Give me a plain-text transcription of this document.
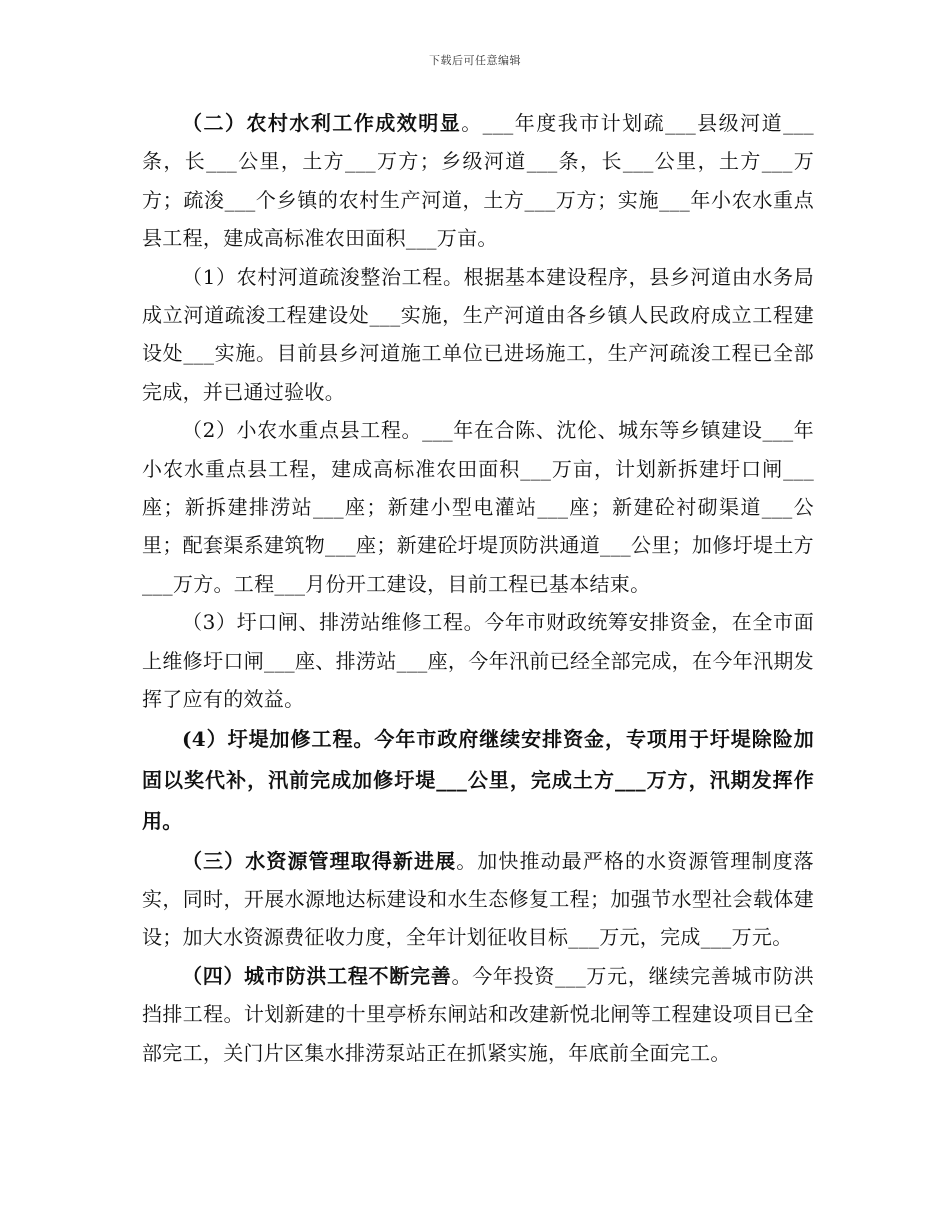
下载后可任意编辑

（二）农村水利工作成效明显。___年度我市计划疏___县级河道___条，长___公里，土方___万方；乡级河道___条，长___公里，土方___万方；疏浚___个乡镇的农村生产河道，土方___万方；实施___年小农水重点县工程，建成高标准农田面积___万亩。

（1）农村河道疏浚整治工程。根据基本建设程序，县乡河道由水务局成立河道疏浚工程建设处___实施，生产河道由各乡镇人民政府成立工程建设处___实施。目前县乡河道施工单位已进场施工，生产河疏浚工程已全部完成，并已通过验收。

（2）小农水重点县工程。___年在合陈、沈伦、城东等乡镇建设___年小农水重点县工程，建成高标准农田面积___万亩，计划新拆建圩口闸___座；新拆建排涝站___座；新建小型电灌站___座；新建砼衬砌渠道___公里；配套渠系建筑物___座；新建砼圩堤顶防洪通道___公里；加修圩堤土方___万方。工程___月份开工建设，目前工程已基本结束。

（3）圩口闸、排涝站维修工程。今年市财政统筹安排资金，在全市面上维修圩口闸___座、排涝站___座，今年汛前已经全部完成，在今年汛期发挥了应有的效益。

(4）圩堤加修工程。今年市政府继续安排资金，专项用于圩堤除险加固以奖代补，汛前完成加修圩堤___公里，完成土方___万方，汛期发挥作用。

（三）水资源管理取得新进展。加快推动最严格的水资源管理制度落实，同时，开展水源地达标建设和水生态修复工程；加强节水型社会载体建设；加大水资源费征收力度，全年计划征收目标___万元，完成___万元。

（四）城市防洪工程不断完善。今年投资___万元，继续完善城市防洪挡排工程。计划新建的十里亭桥东闸站和改建新悦北闸等工程建设项目已全部完工，关门片区集水排涝泵站正在抓紧实施，年底前全面完工。
